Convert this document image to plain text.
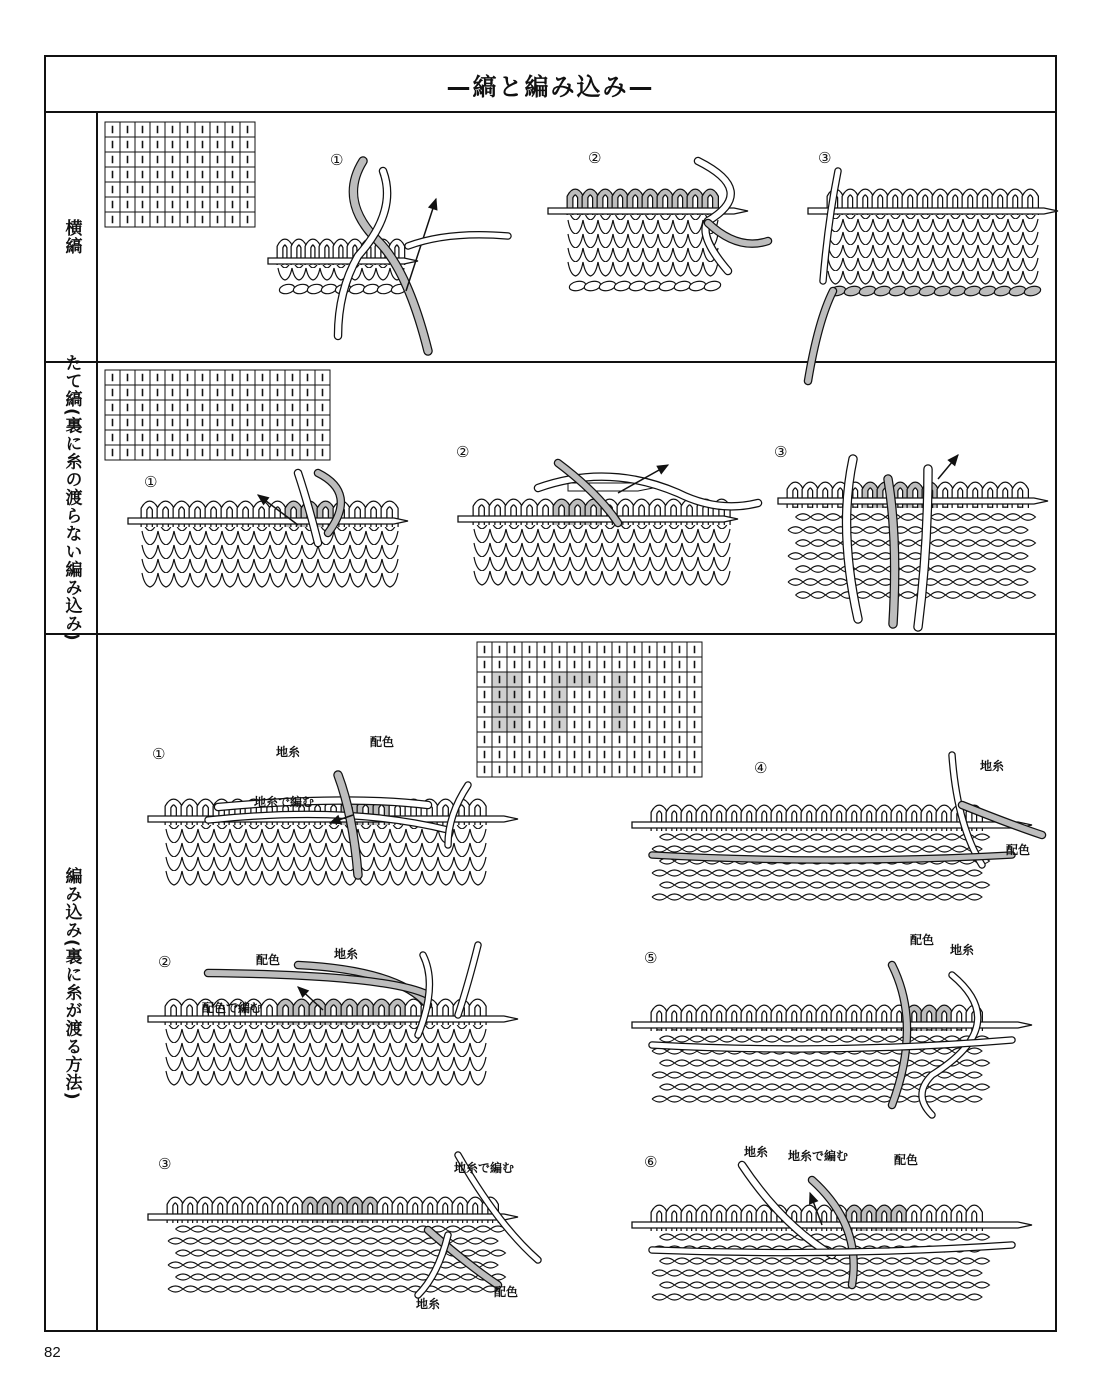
—縞と編み込み—
横縞
①	②	③
たて縞(裏に糸の渡らない編み込み)	①
②	③
編み込み(裏に糸が渡る方法)
①
②
③
④
⑤
⑥
地糸
配色
地糸で編む
配色	地糸
配色で編む
地糸で編む
地糸
配色
地糸
配色
配色
地糸
地糸 地糸で編む	配色
82
